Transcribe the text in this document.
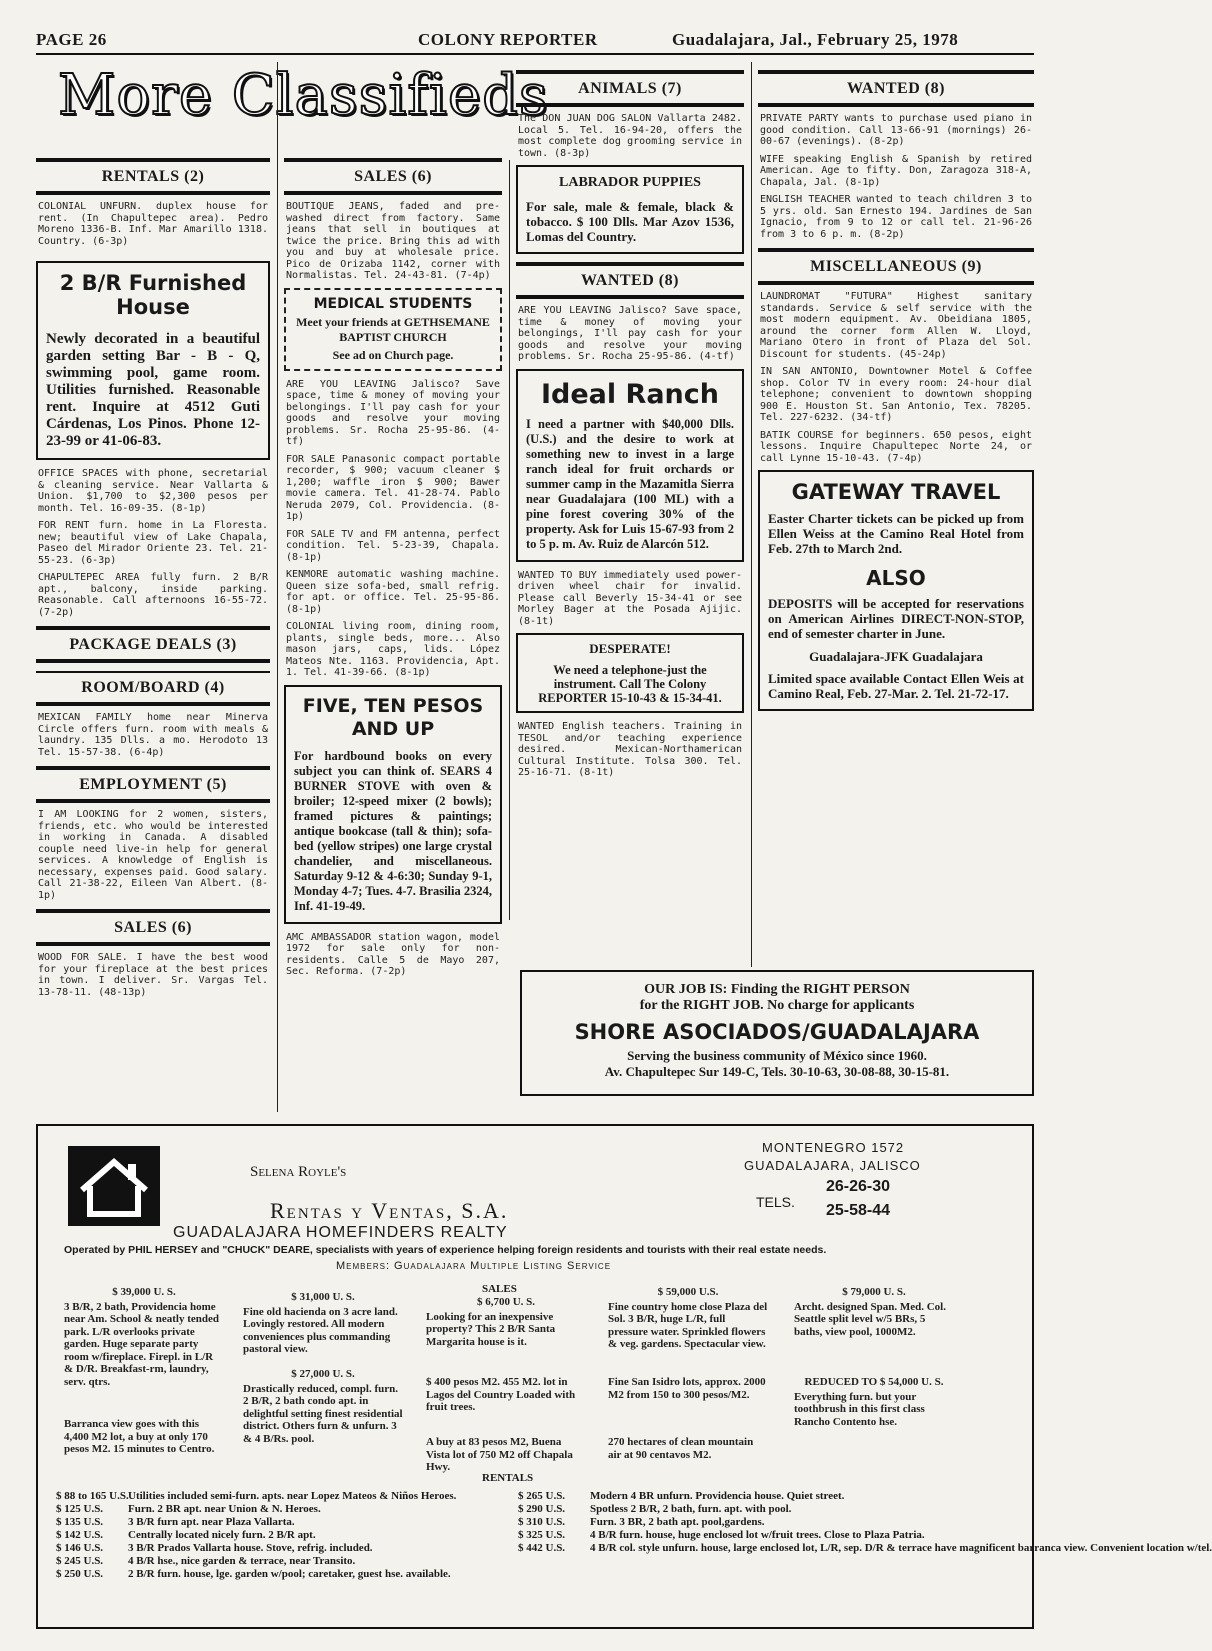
PAGE 26	COLONY REPORTER	Guadalajara, Jal., February 25, 1978
More Classifieds
RENTALS (2)
COLONIAL UNFURN. duplex house for rent. (In Chapultepec area). Pedro Moreno 1336-B. Inf. Mar Amarillo 1318. Country. (6-3p)
2 B/R Furnished House
Newly decorated in a beautiful garden setting Bar - B - Q, swimming pool, game room. Utilities furnished. Reasonable rent. Inquire at 4512 Guti Cárdenas, Los Pinos. Phone 12-23-99 or 41-06-83.
OFFICE SPACES with phone, secretarial & cleaning service. Near Vallarta & Union. $1,700 to $2,300 pesos per month. Tel. 16-09-35. (8-1p)
FOR RENT furn. home in La Floresta. new; beautiful view of Lake Chapala, Paseo del Mirador Oriente 23. Tel. 21-55-23. (6-3p)
CHAPULTEPEC AREA fully furn. 2 B/R apt., balcony, inside parking. Reasonable. Call afternoons 16-55-72. (7-2p)
PACKAGE DEALS (3)
ROOM/BOARD (4)
MEXICAN FAMILY home near Minerva Circle offers furn. room with meals & laundry. 135 Dlls. a mo. Herodoto 13 Tel. 15-57-38. (6-4p)
EMPLOYMENT (5)
I AM LOOKING for 2 women, sisters, friends, etc. who would be interested in working in Canada. A disabled couple need live-in help for general services. A knowledge of English is necessary, expenses paid. Good salary. Call 21-38-22, Eileen Van Albert. (8-1p)
SALES (6)
WOOD FOR SALE. I have the best wood for your fireplace at the best prices in town. I deliver. Sr. Vargas Tel. 13-78-11. (48-13p)
SALES (6)
BOUTIQUE JEANS, faded and pre-washed direct from factory. Same jeans that sell in boutiques at twice the price. Bring this ad with you and buy at wholesale price. Pico de Orizaba 1142, corner with Normalistas. Tel. 24-43-81. (7-4p)
MEDICAL STUDENTS
Meet your friends at GETHSEMANE BAPTIST CHURCH
See ad on Church page.
ARE YOU LEAVING Jalisco? Save space, time & money of moving your belongings. I'll pay cash for your goods and resolve your moving problems. Sr. Rocha 25-95-86. (4-tf)
FOR SALE Panasonic compact portable recorder, $ 900; vacuum cleaner $ 1,200; waffle iron $ 900; Bawer movie camera. Tel. 41-28-74. Pablo Neruda 2079, Col. Providencia. (8-1p)
FOR SALE TV and FM antenna, perfect condition. Tel. 5-23-39, Chapala. (8-1p)
KENMORE automatic washing machine. Queen size sofa-bed, small refrig. for apt. or office. Tel. 25-95-86. (8-1p)
COLONIAL living room, dining room, plants, single beds, more... Also mason jars, caps, lids. López Mateos Nte. 1163. Providencia, Apt. 1. Tel. 41-39-66. (8-1p)
FIVE, TEN PESOS AND UP
For hardbound books on every subject you can think of. SEARS 4 BURNER STOVE with oven & broiler; 12-speed mixer (2 bowls); framed pictures & paintings; antique bookcase (tall & thin); sofa-bed (yellow stripes) one large crystal chandelier, and miscellaneous. Saturday 9-12 & 4-6:30; Sunday 9-1, Monday 4-7; Tues. 4-7. Brasilia 2324, Inf. 41-19-49.
AMC AMBASSADOR station wagon, model 1972 for sale only for non-residents. Calle 5 de Mayo 207, Sec. Reforma. (7-2p)
ANIMALS (7)
The DON JUAN DOG SALON Vallarta 2482. Local 5. Tel. 16-94-20, offers the most complete dog grooming service in town. (8-3p)
LABRADOR PUPPIES
For sale, male & female, black & tobacco. $ 100 Dlls. Mar Azov 1536, Lomas del Country.
WANTED (8)
ARE YOU LEAVING Jalisco? Save space, time & money of moving your belongings, I'll pay cash for your goods and resolve your moving problems. Sr. Rocha 25-95-86. (4-tf)
Ideal Ranch
I need a partner with $40,000 Dlls. (U.S.) and the desire to work at something new to invest in a large ranch ideal for fruit orchards or summer camp in the Mazamitla Sierra near Guadalajara (100 ML) with a pine forest covering 30% of the property. Ask for Luis 15-67-93 from 2 to 5 p. m. Av. Ruiz de Alarcón 512.
WANTED TO BUY immediately used power-driven wheel chair for invalid. Please call Beverly 15-34-41 or see Morley Bager at the Posada Ajijic. (8-1t)
DESPERATE!
We need a telephone-just the instrument. Call The Colony REPORTER 15-10-43 & 15-34-41.
WANTED English teachers. Training in TESOL and/or teaching experience desired. Mexican-Northamerican Cultural Institute. Tolsa 300. Tel. 25-16-71. (8-1t)
WANTED (8)
PRIVATE PARTY wants to purchase used piano in good condition. Call 13-66-91 (mornings) 26-00-67 (evenings). (8-2p)
WIFE speaking English & Spanish by retired American. Age to fifty. Don, Zaragoza 318-A, Chapala, Jal. (8-1p)
ENGLISH TEACHER wanted to teach children 3 to 5 yrs. old. San Ernesto 194. Jardines de San Ignacio, from 9 to 12 or call tel. 21-96-26 from 3 to 6 p. m. (8-2p)
MISCELLANEOUS (9)
LAUNDROMAT "FUTURA" Highest sanitary standards. Service & self service with the most modern equipment. Av. Obeidiana 1805, around the corner form Allen W. Lloyd, Mariano Otero in front of Plaza del Sol. Discount for students. (45-24p)
IN SAN ANTONIO, Downtowner Motel & Coffee shop. Color TV in every room: 24-hour dial telephone; convenient to downtown shopping 900 E. Houston St. San Antonio, Tex. 78205. Tel. 227-6232. (34-tf)
BATIK COURSE for beginners. 650 pesos, eight lessons. Inquire Chapultepec Norte 24, or call Lynne 15-10-43. (7-4p)
GATEWAY TRAVEL
Easter Charter tickets can be picked up from Ellen Weiss at the Camino Real Hotel from Feb. 27th to March 2nd.
ALSO
DEPOSITS will be accepted for reservations on American Airlines DIRECT-NON-STOP, end of semester charter in June.
Guadalajara-JFK Guadalajara
Limited space available Contact Ellen Weis at Camino Real, Feb. 27-Mar. 2. Tel. 21-72-17.
OUR JOB IS: Finding the RIGHT PERSON
for the RIGHT JOB. No charge for applicants
SHORE ASOCIADOS/GUADALAJARA
Serving the business community of México since 1960.
Av. Chapultepec Sur 149-C, Tels. 30-10-63, 30-08-88, 30-15-81.
Selena Royle's
Rentas y Ventas, S.A.
GUADALAJARA HOMEFINDERS REALTY
Operated by PHIL HERSEY and "CHUCK" DEARE, specialists with years of experience helping foreign residents and tourists with their real estate needs.
Members: Guadalajara Multiple Listing Service
MONTENEGRO 1572
GUADALAJARA, JALISCO
TELS.
26-26-30
25-58-44
SALES
$ 39,000 U. S.
3 B/R, 2 bath, Providencia home near Am. School & neatly tended park. L/R overlooks private garden. Huge separate party room w/fireplace. Firepl. in L/R & D/R. Breakfast-rm, laundry, serv. qtrs.
$ 31,000 U. S.
Fine old hacienda on 3 acre land. Lovingly restored. All modern conveniences plus commanding pastoral view.
$ 6,700 U. S.
Looking for an inexpensive property? This 2 B/R Santa Margarita house is it.
$ 59,000 U.S.
Fine country home close Plaza del Sol. 3 B/R, huge L/R, full pressure water. Sprinkled flowers & veg. gardens. Spectacular view.
$ 79,000 U. S.
Archt. designed Span. Med. Col. Seattle split level w/5 BRs, 5 baths, view pool, 1000M2.
Barranca view goes with this 4,400 M2 lot, a buy at only 170 pesos M2. 15 minutes to Centro.
$ 27,000 U. S.
Drastically reduced, compl. furn. 2 B/R, 2 bath condo apt. in delightful setting finest residential district. Others furn & unfurn. 3 & 4 B/Rs. pool.
$ 400 pesos M2. 455 M2. lot in Lagos del Country Loaded with fruit trees.
Fine San Isidro lots, approx. 2000 M2 from 150 to 300 pesos/M2.
REDUCED TO $ 54,000 U. S.
Everything furn. but your toothbrush in this first class Rancho Contento hse.
A buy at 83 pesos M2, Buena Vista lot of 750 M2 off Chapala Hwy.
270 hectares of clean mountain air at 90 centavos M2.
RENTALS
$ 88 to 165 U.S.Utilities included semi-furn. apts. near Lopez Mateos & Niños Heroes.
$ 125 U.S. Furn. 2 BR apt. near Union & N. Heroes.
$ 135 U.S. 3 B/R furn apt. near Plaza Vallarta.
$ 142 U.S. Centrally located nicely furn. 2 B/R apt.
$ 146 U.S. 3 B/R Prados Vallarta house. Stove, refrig. included.
$ 245 U.S. 4 B/R hse., nice garden & terrace, near Transito.
$ 250 U.S. 2 B/R furn. house, lge. garden w/pool; caretaker, guest hse. available.
$ 265 U.S. Modern 4 BR unfurn. Providencia house. Quiet street.
$ 290 U.S. Spotless 2 B/R, 2 bath, furn. apt. with pool.
$ 310 U.S. Furn. 3 BR, 2 bath apt. pool,gardens.
$ 325 U.S. 4 B/R furn. house, huge enclosed lot w/fruit trees. Close to Plaza Patria.
$ 442 U.S. 4 B/R col. style unfurn. house, large enclosed lot, L/R, sep. D/R & terrace have magnificent barranca view. Convenient location w/tel.
